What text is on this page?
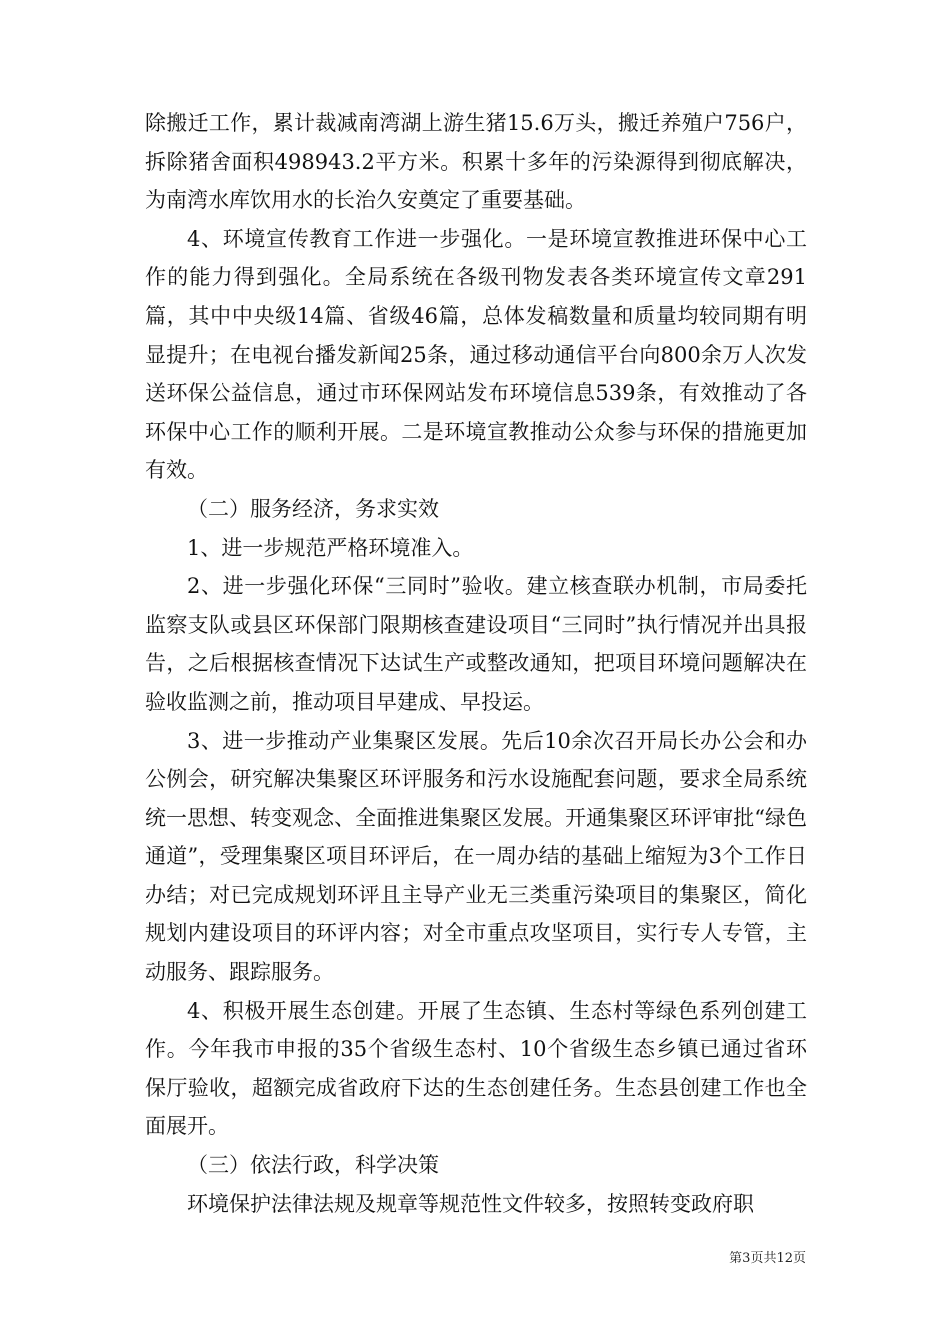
除搬迁工作，累计裁减南湾湖上游生猪15.6万头，搬迁养殖户756户，拆除猪舍面积498943.2平方米。积累十多年的污染源得到彻底解决，为南湾水库饮用水的长治久安奠定了重要基础。

4、环境宣传教育工作进一步强化。一是环境宣教推进环保中心工作的能力得到强化。全局系统在各级刊物发表各类环境宣传文章291篇，其中中央级14篇、省级46篇，总体发稿数量和质量均较同期有明显提升；在电视台播发新闻25条，通过移动通信平台向800余万人次发送环保公益信息，通过市环保网站发布环境信息539条，有效推动了各环保中心工作的顺利开展。二是环境宣教推动公众参与环保的措施更加有效。

（二）服务经济，务求实效

1、进一步规范严格环境准入。

2、进一步强化环保“三同时”验收。建立核查联办机制，市局委托监察支队或县区环保部门限期核查建设项目“三同时”执行情况并出具报告，之后根据核查情况下达试生产或整改通知，把项目环境问题解决在验收监测之前，推动项目早建成、早投运。

3、进一步推动产业集聚区发展。先后10余次召开局长办公会和办公例会，研究解决集聚区环评服务和污水设施配套问题，要求全局系统统一思想、转变观念、全面推进集聚区发展。开通集聚区环评审批“绿色通道”，受理集聚区项目环评后，在一周办结的基础上缩短为3个工作日办结；对已完成规划环评且主导产业无三类重污染项目的集聚区，简化规划内建设项目的环评内容；对全市重点攻坚项目，实行专人专管，主动服务、跟踪服务。

4、积极开展生态创建。开展了生态镇、生态村等绿色系列创建工作。今年我市申报的35个省级生态村、10个省级生态乡镇已通过省环保厅验收，超额完成省政府下达的生态创建任务。生态县创建工作也全面展开。

（三）依法行政，科学决策

环境保护法律法规及规章等规范性文件较多，按照转变政府职

第3页共12页
